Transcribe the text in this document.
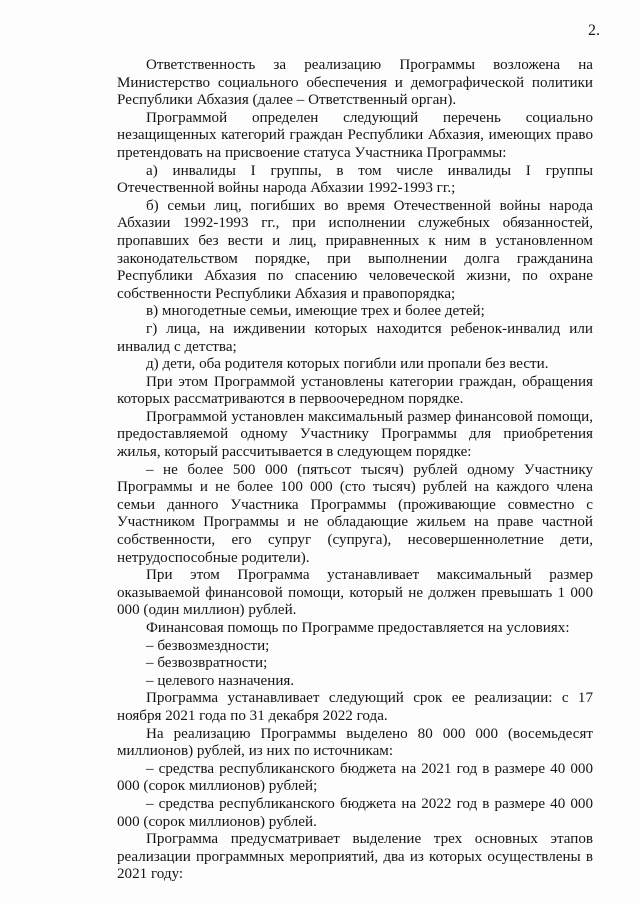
2.

Ответственность за реализацию Программы возложена на Министерство социального обеспечения и демографической политики Республики Абхазия (далее – Ответственный орган).

Программой определен следующий перечень социально незащищенных категорий граждан Республики Абхазия, имеющих право претендовать на присвоение статуса Участника Программы:

а) инвалиды I группы, в том числе инвалиды I группы Отечественной войны народа Абхазии 1992-1993 гг.;

б) семьи лиц, погибших во время Отечественной войны народа Абхазии 1992-1993 гг., при исполнении служебных обязанностей, пропавших без вести и лиц, приравненных к ним в установленном законодательством порядке, при выполнении долга гражданина Республики Абхазия по спасению человеческой жизни, по охране собственности Республики Абхазия и правопорядка;

в) многодетные семьи, имеющие трех и более детей;

г) лица, на иждивении которых находится ребенок-инвалид или инвалид с детства;

д) дети, оба родителя которых погибли или пропали без вести.

При этом Программой установлены категории граждан, обращения которых рассматриваются в первоочередном порядке.

Программой установлен максимальный размер финансовой помощи, предоставляемой одному Участнику Программы для приобретения жилья, который рассчитывается в следующем порядке:

– не более 500 000 (пятьсот тысяч) рублей одному Участнику Программы и не более 100 000 (сто тысяч) рублей на каждого члена семьи данного Участника Программы (проживающие совместно с Участником Программы и не обладающие жильем на праве частной собственности, его супруг (супруга), несовершеннолетние дети, нетрудоспособные родители).

При этом Программа устанавливает максимальный размер оказываемой финансовой помощи, который не должен превышать 1 000 000 (один миллион) рублей.

Финансовая помощь по Программе предоставляется на условиях:

– безвозмездности;

– безвозвратности;

– целевого назначения.

Программа устанавливает следующий срок ее реализации: с 17 ноября 2021 года по 31 декабря 2022 года.

На реализацию Программы выделено 80 000 000 (восемьдесят миллионов) рублей, из них по источникам:

– средства республиканского бюджета на 2021 год в размере 40 000 000 (сорок миллионов) рублей;

– средства республиканского бюджета на 2022 год в размере 40 000 000 (сорок миллионов) рублей.

Программа предусматривает выделение трех основных этапов реализации программных мероприятий, два из которых осуществлены в 2021 году:
